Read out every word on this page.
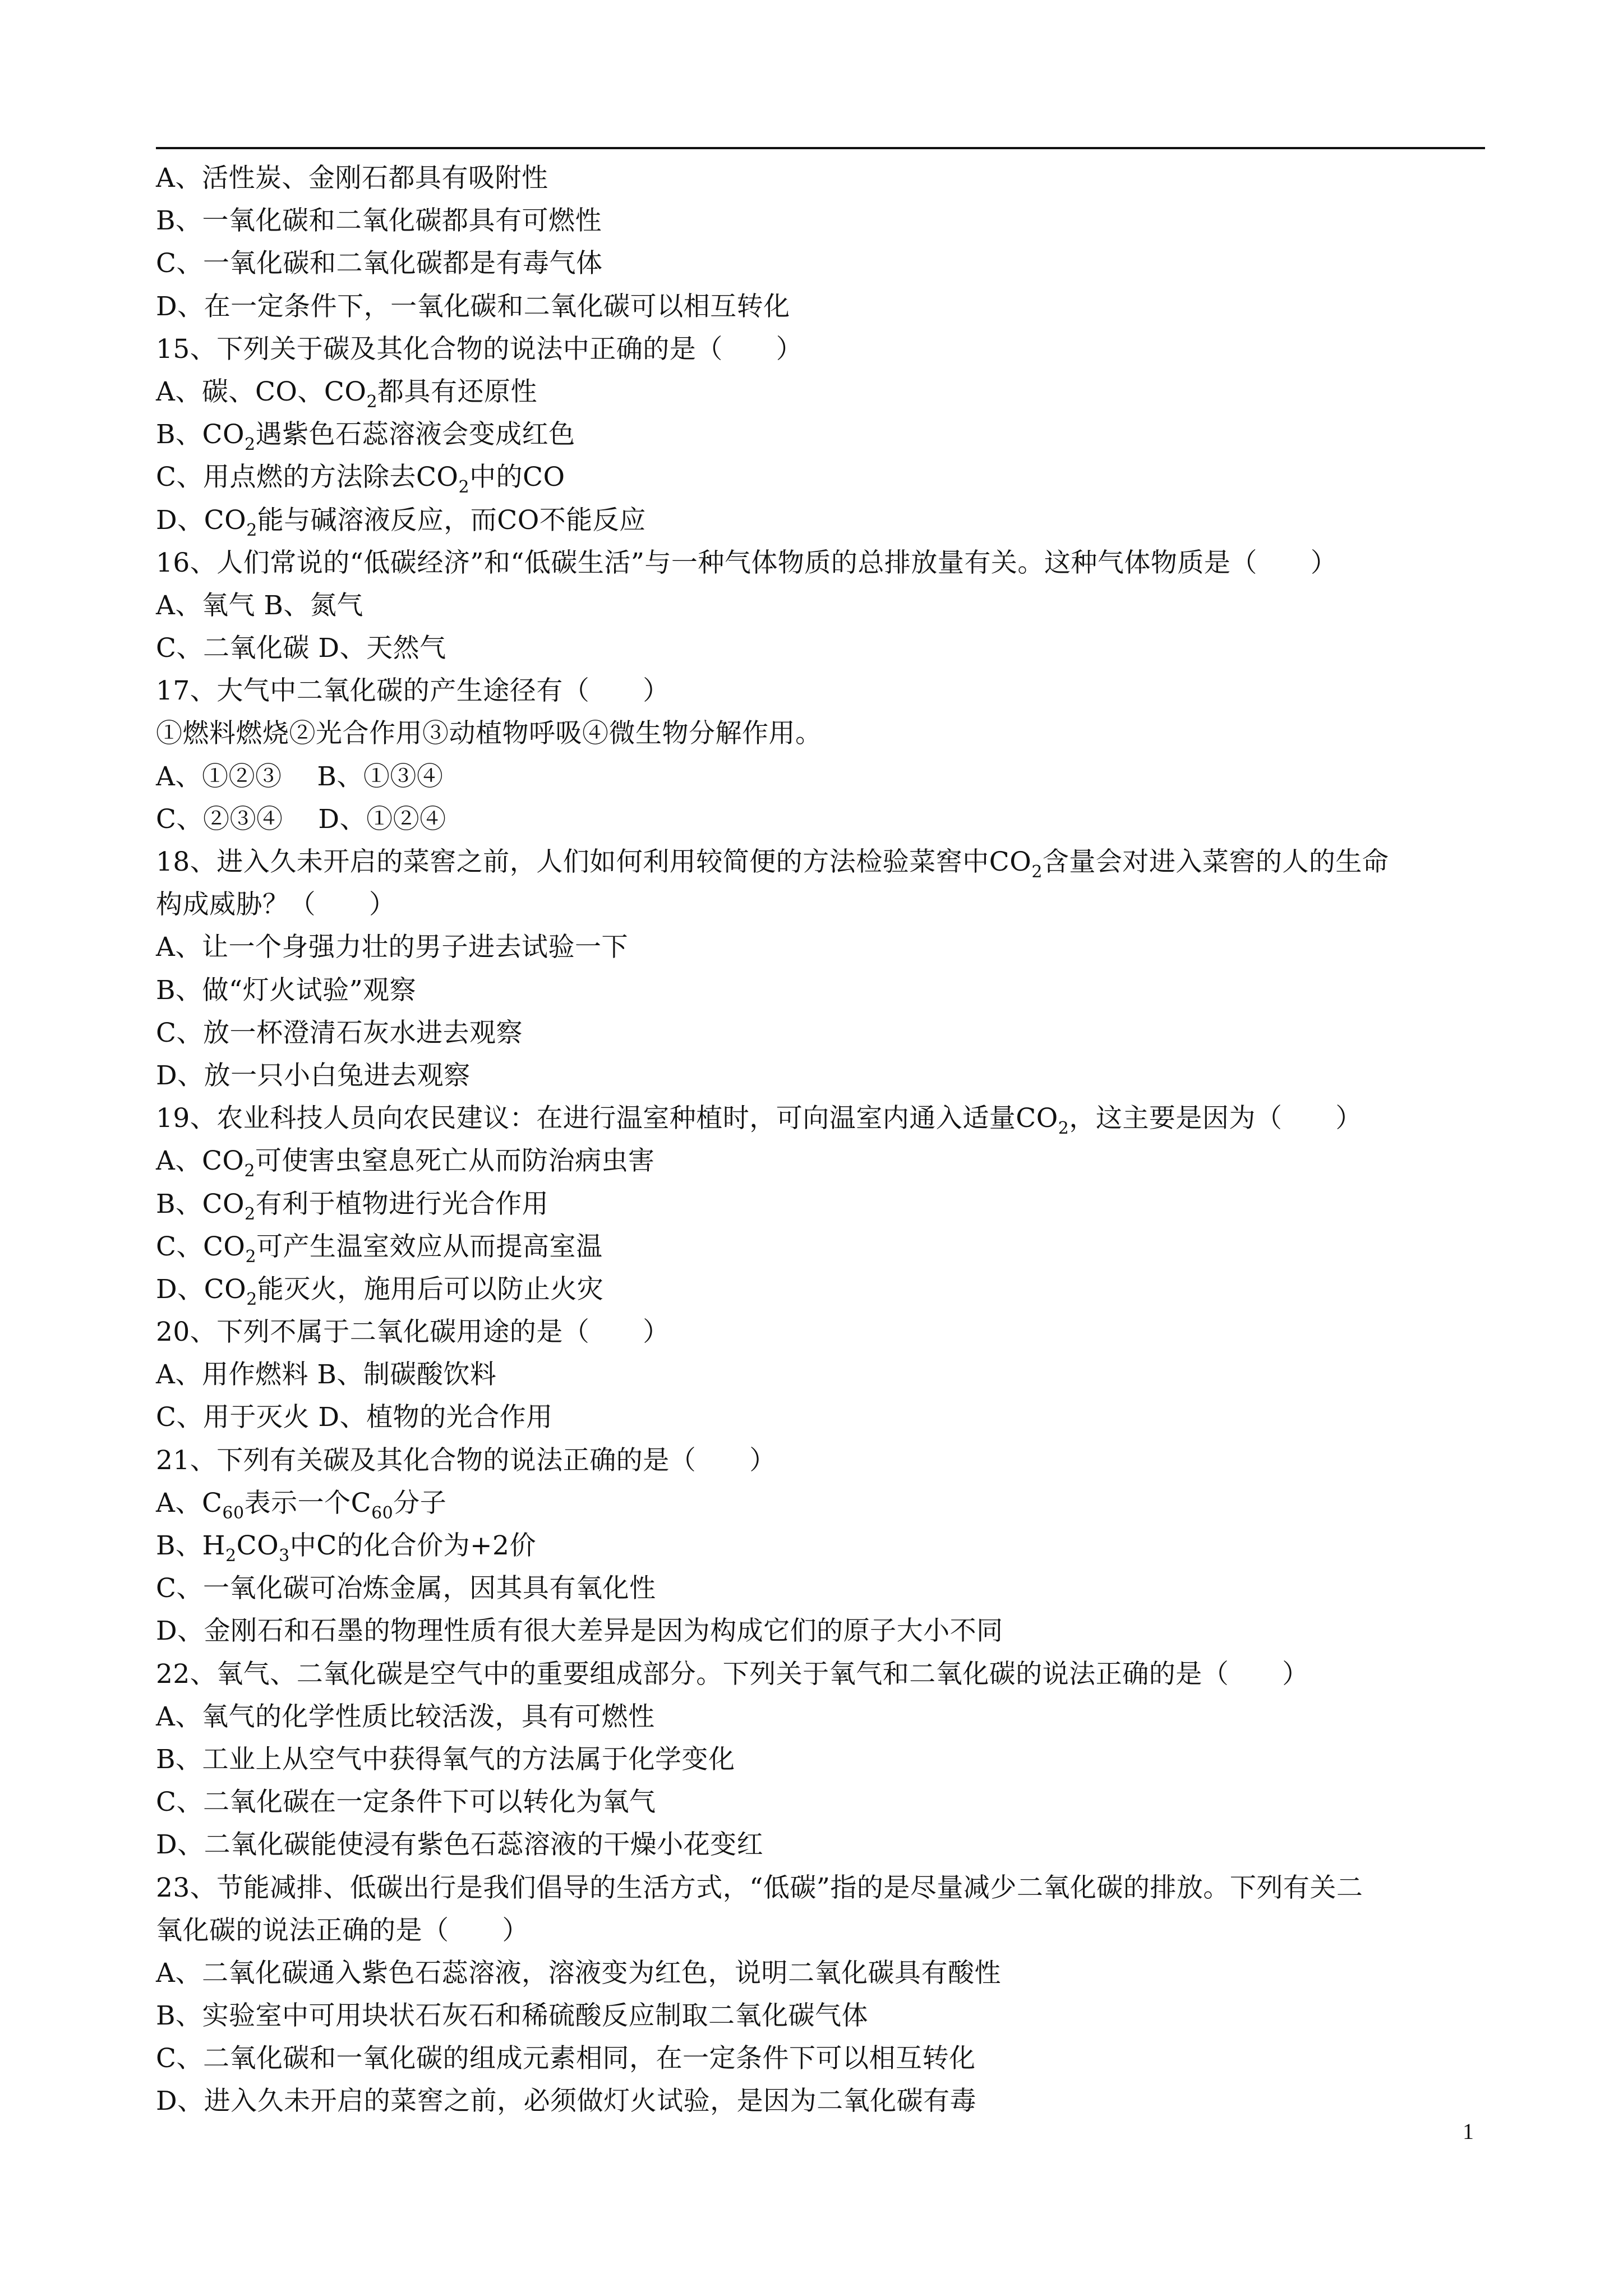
A、活性炭、金刚石都具有吸附性
B、一氧化碳和二氧化碳都具有可燃性
C、一氧化碳和二氧化碳都是有毒气体
D、在一定条件下，一氧化碳和二氧化碳可以相互转化
15、下列关于碳及其化合物的说法中正确的是（　　）
A、碳、CO、$CO_2$都具有还原性
B、$CO_2$遇紫色石蕊溶液会变成红色
C、用点燃的方法除去$CO_2$中的CO
D、$CO_2$能与碱溶液反应，而CO不能反应
16、人们常说的“低碳经济”和“低碳生活”与一种气体物质的总排放量有关。这种气体物质是（　　）
A、氧气 B、氮气
C、二氧化碳 D、天然气
17、大气中二氧化碳的产生途径有（　　）
①燃料燃烧②光合作用③动植物呼吸④微生物分解作用。
A、①②③　 B、①③④
C、②③④　 D、①②④
18、进入久未开启的菜窖之前，人们如何利用较简便的方法检验菜窖中$CO_2$含量会对进入菜窖的人的生命
构成威胁？（　　）
A、让一个身强力壮的男子进去试验一下
B、做“灯火试验”观察
C、放一杯澄清石灰水进去观察
D、放一只小白兔进去观察
19、农业科技人员向农民建议：在进行温室种植时，可向温室内通入适量$CO_2$，这主要是因为（　　）
A、$CO_2$可使害虫窒息死亡从而防治病虫害
B、$CO_2$有利于植物进行光合作用
C、$CO_2$可产生温室效应从而提高室温
D、$CO_2$能灭火，施用后可以防止火灾
20、下列不属于二氧化碳用途的是（　　）
A、用作燃料 B、制碳酸饮料
C、用于灭火 D、植物的光合作用
21、下列有关碳及其化合物的说法正确的是（　　）
A、$C_{60}$表示一个$C_{60}$分子
B、$H_2CO_3$中C的化合价为+2价
C、一氧化碳可冶炼金属，因其具有氧化性
D、金刚石和石墨的物理性质有很大差异是因为构成它们的原子大小不同
22、氧气、二氧化碳是空气中的重要组成部分。下列关于氧气和二氧化碳的说法正确的是（　　）
A、氧气的化学性质比较活泼，具有可燃性
B、工业上从空气中获得氧气的方法属于化学变化
C、二氧化碳在一定条件下可以转化为氧气
D、二氧化碳能使浸有紫色石蕊溶液的干燥小花变红
23、节能减排、低碳出行是我们倡导的生活方式，“低碳”指的是尽量减少二氧化碳的排放。下列有关二
氧化碳的说法正确的是（　　）
A、二氧化碳通入紫色石蕊溶液，溶液变为红色，说明二氧化碳具有酸性
B、实验室中可用块状石灰石和稀硫酸反应制取二氧化碳气体
C、二氧化碳和一氧化碳的组成元素相同，在一定条件下可以相互转化
D、进入久未开启的菜窖之前，必须做灯火试验，是因为二氧化碳有毒
1
